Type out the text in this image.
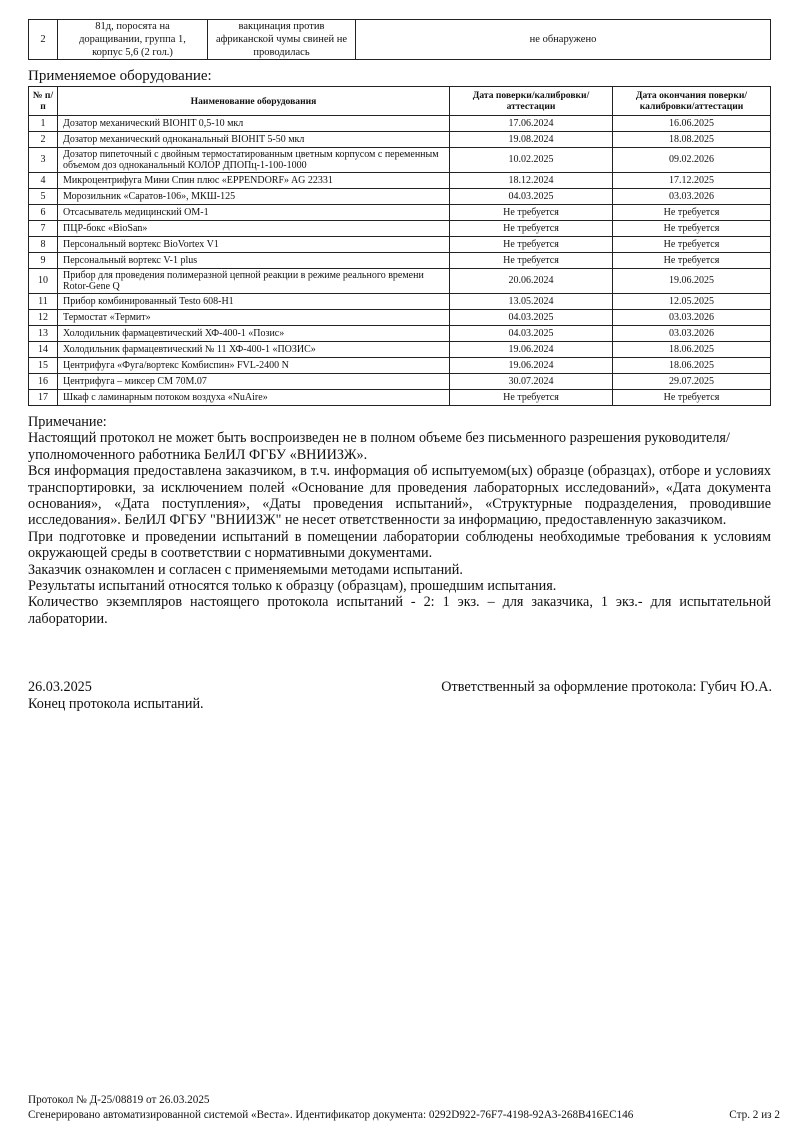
2	81д, поросята на доращивании, группа 1, корпус 5,6 (2 гол.)	вакцинация против африканской чумы свиней не проводилась	не обнаружено
Применяемое оборудование:
№ п/п	Наименование оборудования	Дата поверки/калибровки/аттестации	Дата окончания поверки/калибровки/аттестации
1	Дозатор механический BIOHIT 0,5-10 мкл	17.06.2024	16.06.2025
2	Дозатор механический одноканальный BIOHIT 5-50 мкл	19.08.2024	18.08.2025
3	Дозатор пипеточный с двойным термостатированным цветным корпусом с переменным объемом доз одноканальный КОЛОР ДПОПц-1-100-1000	10.02.2025	09.02.2026
4	Микроцентрифуга Мини Спин плюс «EPPENDORF» AG 22331	18.12.2024	17.12.2025
5	Морозильник «Саратов-106», МКШ-125	04.03.2025	03.03.2026
6	Отсасыватель медицинский ОМ-1	Не требуется	Не требуется
7	ПЦР-бокс «BioSan»	Не требуется	Не требуется
8	Персональный вортекс BioVortex V1	Не требуется	Не требуется
9	Персональный вортекс V-1 plus	Не требуется	Не требуется
10	Прибор для проведения полимеразной цепной реакции в режиме реального времени Rotor-Gene Q	20.06.2024	19.06.2025
11	Прибор комбинированный Testo 608-H1	13.05.2024	12.05.2025
12	Термостат «Термит»	04.03.2025	03.03.2026
13	Холодильник фармацевтический ХФ-400-1 «Позис»	04.03.2025	03.03.2026
14	Холодильник фармацевтический № 11 ХФ-400-1 «ПОЗИС»	19.06.2024	18.06.2025
15	Центрифуга «Фуга/вортекс Комбиспин» FVL-2400 N	19.06.2024	18.06.2025
16	Центрифуга – миксер СМ 70М.07	30.07.2024	29.07.2025
17	Шкаф с ламинарным потоком воздуха «NuAire»	Не требуется	Не требуется

Примечание:

Настоящий протокол не может быть воспроизведен не в полном объеме без письменного разрешения руководителя/уполномоченного работника БелИЛ ФГБУ «ВНИИЗЖ».

Вся информация предоставлена заказчиком, в т.ч. информация об испытуемом(ых) образце (образцах), отборе и условиях транспортировки, за исключением полей «Основание для проведения лабораторных исследований», «Дата документа основания», «Дата поступления», «Даты проведения испытаний», «Структурные подразделения, проводившие исследования». БелИЛ ФГБУ "ВНИИЗЖ" не несет ответственности за информацию, предоставленную заказчиком.

При подготовке и проведении испытаний в помещении лаборатории соблюдены необходимые требования к условиям окружающей среды в соответствии с нормативными документами.

Заказчик ознакомлен и согласен с применяемыми методами испытаний.

Результаты испытаний относятся только к образцу (образцам), прошедшим испытания.

Количество экземпляров настоящего протокола испытаний - 2: 1 экз. – для заказчика, 1 экз.- для испытательной лаборатории.

26.03.2025	Ответственный за оформление протокола: Губич Ю.А.
Конец протокола испытаний.
Протокол № Д-25/08819 от 26.03.2025
Сгенерировано автоматизированной системой «Веста». Идентификатор документа: 0292D922-76F7-4198-92A3-268B416EC146	Стр. 2 из 2
